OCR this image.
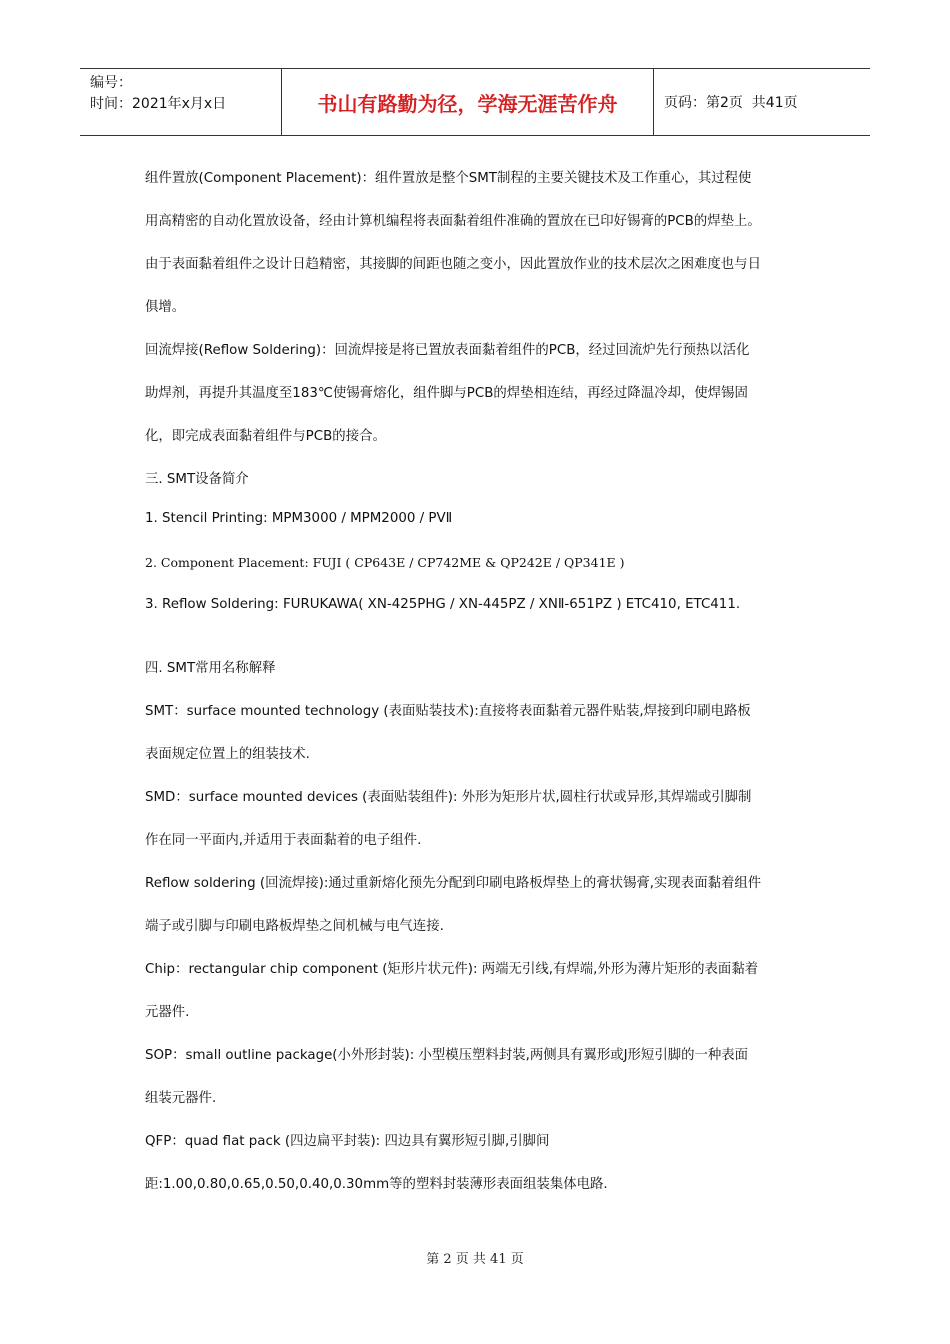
编号：
时间：2021年x月x日	书山有路勤为径，学海无涯苦作舟	页码：第2页  共41页
组件置放(Component Placement)：组件置放是整个SMT制程的主要关键技术及工作重心，其过程使
用高精密的自动化置放设备，经由计算机编程将表面黏着组件准确的置放在已印好锡膏的PCB的焊垫上。
由于表面黏着组件之设计日趋精密，其接脚的间距也随之变小，因此置放作业的技术层次之困难度也与日
俱增。
回流焊接(Reflow Soldering)：回流焊接是将已置放表面黏着组件的PCB，经过回流炉先行预热以活化
助焊剂，再提升其温度至183℃使锡膏熔化，组件脚与PCB的焊垫相连结，再经过降温冷却，使焊锡固
化，即完成表面黏着组件与PCB的接合。
三. SMT设备简介
1. Stencil Printing: MPM3000 / MPM2000 / PVⅡ
2. Component Placement: FUJI ( CP643E / CP742ME & QP242E / QP341E )
3. Reflow Soldering: FURUKAWA( XN-425PHG / XN-445PZ / XNⅡ-651PZ ) ETC410, ETC411.
四. SMT常用名称解释
SMT：surface mounted technology (表面贴装技术):直接将表面黏着元器件贴装,焊接到印刷电路板
表面规定位置上的组装技术.
SMD：surface mounted devices (表面贴装组件): 外形为矩形片状,圆柱行状或异形,其焊端或引脚制
作在同一平面内,并适用于表面黏着的电子组件.
Reflow soldering (回流焊接):通过重新熔化预先分配到印刷电路板焊垫上的膏状锡膏,实现表面黏着组件
端子或引脚与印刷电路板焊垫之间机械与电气连接.
Chip：rectangular chip component (矩形片状元件): 两端无引线,有焊端,外形为薄片矩形的表面黏着
元器件.
SOP：small outline package(小外形封装): 小型模压塑料封装,两侧具有翼形或J形短引脚的一种表面
组装元器件.
QFP：quad flat pack (四边扁平封装): 四边具有翼形短引脚,引脚间
距:1.00,0.80,0.65,0.50,0.40,0.30mm等的塑料封装薄形表面组装集体电路.
第 2 页 共 41 页
